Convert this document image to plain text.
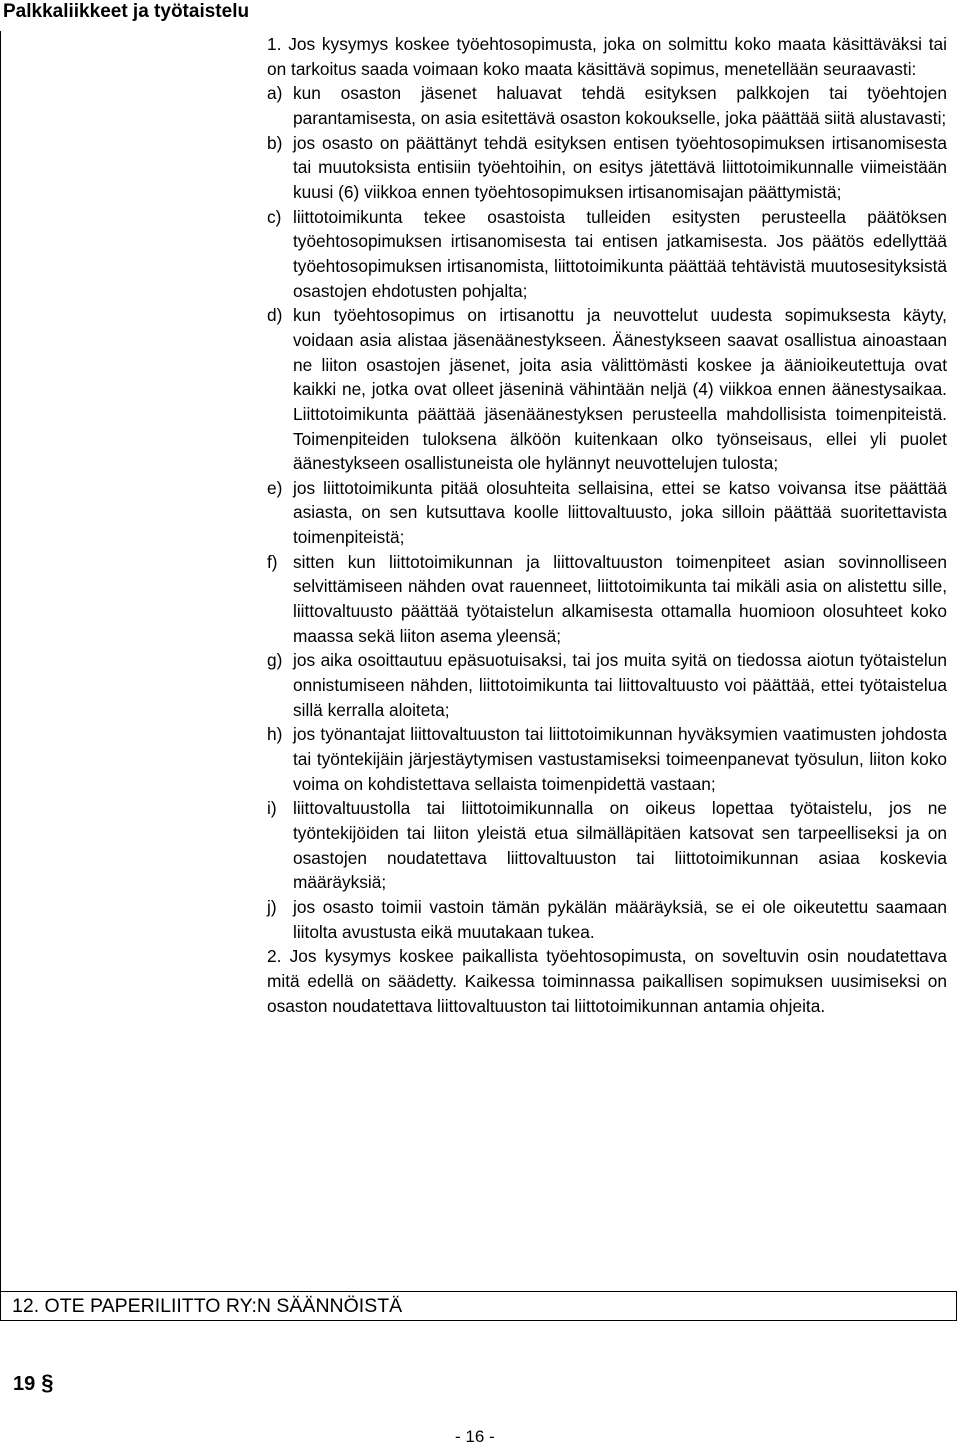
Palkkaliikkeet ja työtaistelu

1. Jos kysymys koskee työehtosopimusta, joka on solmittu koko maata käsittäväksi tai on tarkoitus saada voimaan koko maata käsittävä sopimus, menetellään seuraavasti:

a) kun osaston jäsenet haluavat tehdä esityksen palkkojen tai työehtojen parantamisesta, on asia esitettävä osaston kokoukselle, joka päättää siitä alustavasti;
b) jos osasto on päättänyt tehdä esityksen entisen työehtosopimuksen irtisanomisesta tai muutoksista entisiin työehtoihin, on esitys jätettävä liittotoimikunnalle viimeistään kuusi (6) viikkoa ennen työehtosopimuksen irtisanomisajan päättymistä;
c) liittotoimikunta tekee osastoista tulleiden esitysten perusteella päätöksen työehtosopimuksen irtisanomisesta tai entisen jatkamisesta. Jos päätös edellyttää työehtosopimuksen irtisanomista, liittotoimikunta päättää tehtävistä muutosesityksistä osastojen ehdotusten pohjalta;
d) kun työehtosopimus on irtisanottu ja neuvottelut uudesta sopimuksesta käyty, voidaan asia alistaa jäsenäänestykseen. Äänestykseen saavat osallistua ainoastaan ne liiton osastojen jäsenet, joita asia välittömästi koskee ja äänioikeutettuja ovat kaikki ne, jotka ovat olleet jäseninä vähintään neljä (4) viikkoa ennen äänestysaikaa. Liittotoimikunta päättää jäsenäänestyksen perusteella mahdollisista toimenpiteistä. Toimenpiteiden tuloksena älköön kuitenkaan olko työnseisaus, ellei yli puolet äänestykseen osallistuneista ole hylännyt neuvottelujen tulosta;
e) jos liittotoimikunta pitää olosuhteita sellaisina, ettei se katso voivansa itse päättää asiasta, on sen kutsuttava koolle liittovaltuusto, joka silloin päättää suoritettavista toimenpiteistä;
f) sitten kun liittotoimikunnan ja liittovaltuuston toimenpiteet asian sovinnolliseen selvittämiseen nähden ovat rauenneet, liittotoimikunta tai mikäli asia on alistettu sille, liittovaltuusto päättää työtaistelun alkamisesta ottamalla huomioon olosuhteet koko maassa sekä liiton asema yleensä;
g) jos aika osoittautuu epäsuotuisaksi, tai jos muita syitä on tiedossa aiotun työtaistelun onnistumiseen nähden, liittotoimikunta tai liittovaltuusto voi päättää, ettei työtaistelua sillä kerralla aloiteta;
h) jos työnantajat liittovaltuuston tai liittotoimikunnan hyväksymien vaatimusten johdosta tai työntekijäin järjestäytymisen vastustamiseksi toimeenpanevat työsulun, liiton koko voima on kohdistettava sellaista toimenpidettä vastaan;
i) liittovaltuustolla tai liittotoimikunnalla on oikeus lopettaa työtaistelu, jos ne työntekijöiden tai liiton yleistä etua silmälläpitäen katsovat sen tarpeelliseksi ja on osastojen noudatettava liittovaltuuston tai liittotoimikunnan asiaa koskevia määräyksiä;
j) jos osasto toimii vastoin tämän pykälän määräyksiä, se ei ole oikeutettu saamaan liitolta avustusta eikä muutakaan tukea.

2. Jos kysymys koskee paikallista työehtosopimusta, on soveltuvin osin noudatettava mitä edellä on säädetty. Kaikessa toiminnassa paikallisen sopimuksen uusimiseksi on osaston noudatettava liittovaltuuston tai liittotoimikunnan antamia ohjeita.

12. OTE PAPERILIITTO RY:N SÄÄNNÖISTÄ
19 §
- 16 -
